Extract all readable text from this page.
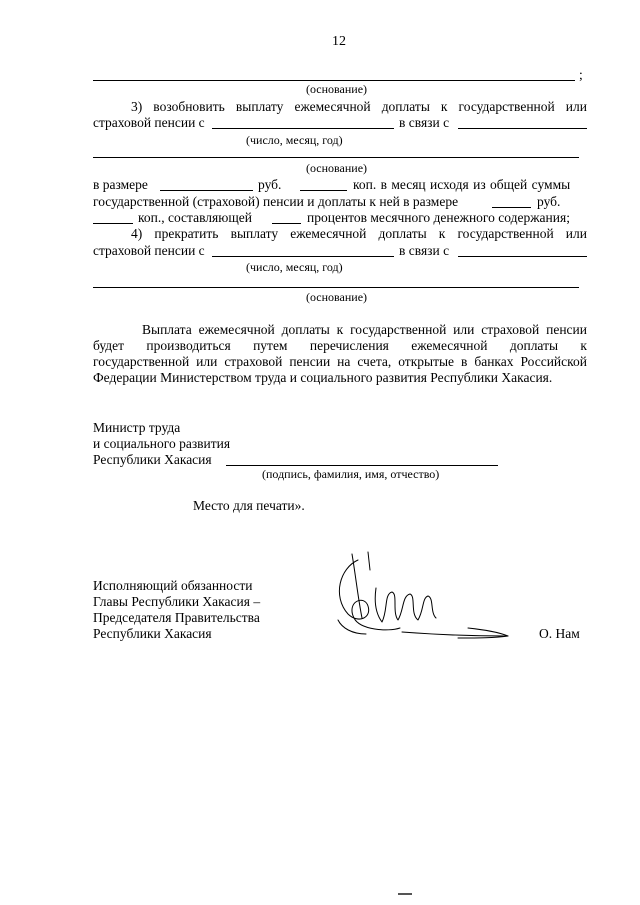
12
;
(основание)
3) возобновить выплату ежемесячной доплаты к государственной или
страховой пенсии с	в связи с
(число, месяц, год)
(основание)
в размере	руб.	коп. в месяц исходя из общей суммы
государственной (страховой) пенсии и доплаты к ней в размере	руб.
коп., составляющей	процентов месячного денежного содержания;
4) прекратить выплату ежемесячной доплаты к государственной или
страховой пенсии с	в связи с
(число, месяц, год)
(основание)
Выплата ежемесячной доплаты к государственной или страховой пенсии
будет производиться путем перечисления ежемесячной доплаты к
государственной или страховой пенсии на счета, открытые в банках Российской
Федерации Министерством труда и социального развития Республики Хакасия.
Министр труда
и социального развития
Республики Хакасия
(подпись, фамилия, имя, отчество)
Место для печати».
Исполняющий обязанности
Главы Республики Хакасия –
Председателя Правительства
Республики Хакасия	О. Нам
